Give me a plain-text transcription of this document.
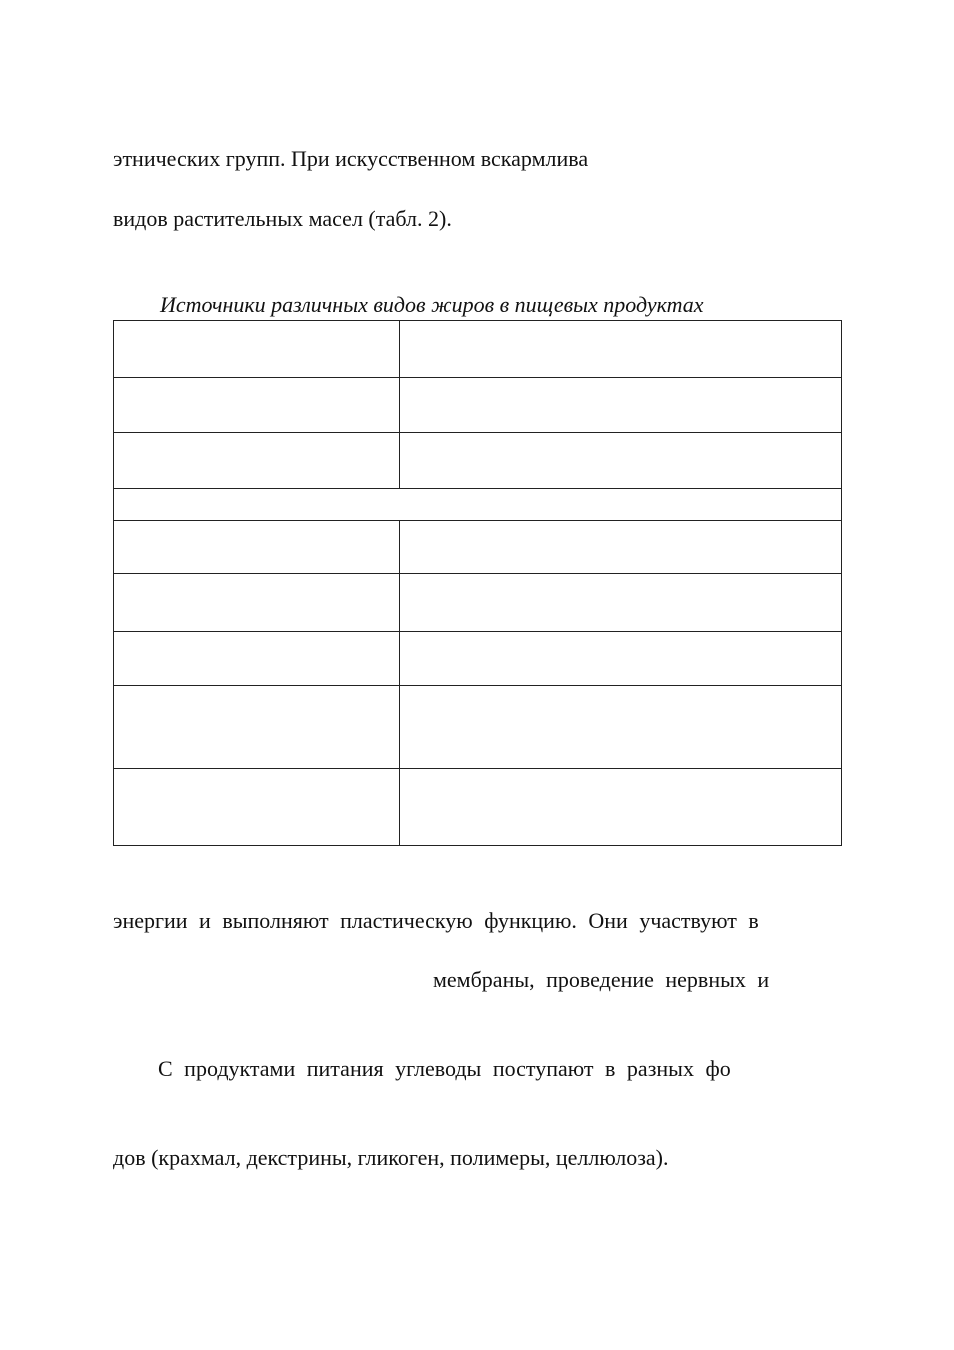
этнических групп. При искусственном вскармлива
видов растительных масел (табл. 2).
Источники различных видов жиров в пищевых продуктах

энергии и выполняют пластическую функцию. Они участвуют в
мембраны, проведение нервных и
С продуктами питания углеводы поступают в разных фо
дов (крахмал, декстрины, гликоген, полимеры, целлюлоза).
